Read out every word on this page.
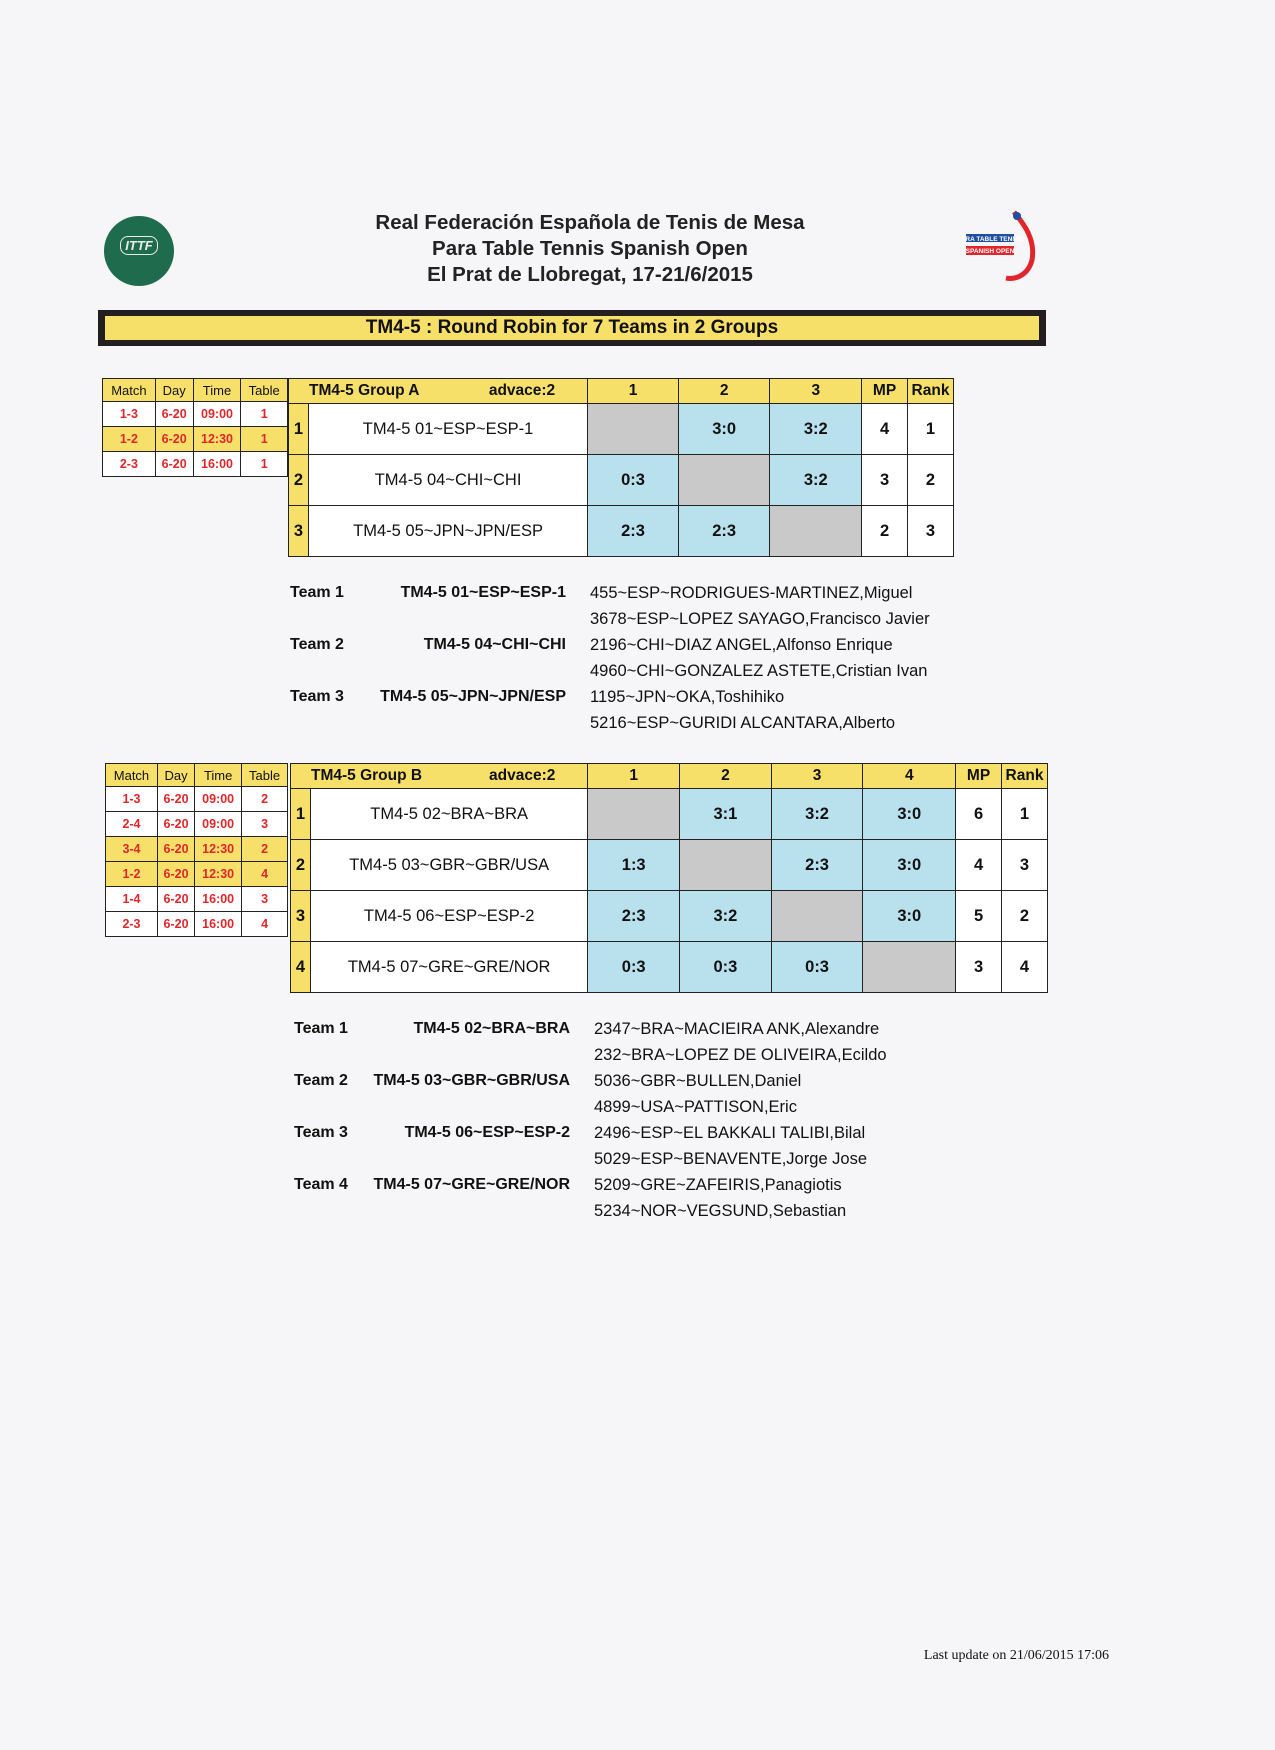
ITTF

Real Federación Española de Tenis de Mesa
Para Table Tennis Spanish Open
El Prat de Llobregat, 17-21/6/2015
PARA TABLE TENNIS
SPANISH OPEN
TM4-5 : Round Robin for 7 Teams in 2 Groups
Match	Day	Time	Table
1-3	6-20	09:00	1
1-2	6-20	12:30	1
2-3	6-20	16:00	1
TM4-5 Group A advace:2		1	2	3	MP	Rank
1	TM4-5 01~ESP~ESP-1		3:0	3:2	4	1
2	TM4-5 04~CHI~CHI	0:3		3:2	3	2
3	TM4-5 05~JPN~JPN/ESP	2:3	2:3		2	3
Team 1	TM4-5 01~ESP~ESP-1 455~ESP~RODRIGUES-MARTINEZ,Miguel
3678~ESP~LOPEZ SAYAGO,Francisco Javier
Team 2	TM4-5 04~CHI~CHI 2196~CHI~DIAZ ANGEL,Alfonso Enrique
4960~CHI~GONZALEZ ASTETE,Cristian Ivan
Team 3 TM4-5 05~JPN~JPN/ESP 1195~JPN~OKA,Toshihiko
5216~ESP~GURIDI ALCANTARA,Alberto
Match	Day	Time	Table
1-3	6-20	09:00	2
2-4	6-20	09:00	3
3-4	6-20	12:30	2
1-2	6-20	12:30	4
1-4	6-20	16:00	3
2-3	6-20	16:00	4
TM4-5 Group B advace:2		1	2	3	4	MP	Rank
1	TM4-5 02~BRA~BRA		3:1	3:2	3:0	6	1
2	TM4-5 03~GBR~GBR/USA	1:3		2:3	3:0	4	3
3	TM4-5 06~ESP~ESP-2	2:3	3:2		3:0	5	2
4	TM4-5 07~GRE~GRE/NOR	0:3	0:3	0:3		3	4
Team 1	TM4-5 02~BRA~BRA 2347~BRA~MACIEIRA ANK,Alexandre
232~BRA~LOPEZ DE OLIVEIRA,Ecildo
Team 2 TM4-5 03~GBR~GBR/USA 5036~GBR~BULLEN,Daniel
4899~USA~PATTISON,Eric
Team 3	TM4-5 06~ESP~ESP-2 2496~ESP~EL BAKKALI TALIBI,Bilal
5029~ESP~BENAVENTE,Jorge Jose
Team 4 TM4-5 07~GRE~GRE/NOR 5209~GRE~ZAFEIRIS,Panagiotis
5234~NOR~VEGSUND,Sebastian
Last update on 21/06/2015 17:06
